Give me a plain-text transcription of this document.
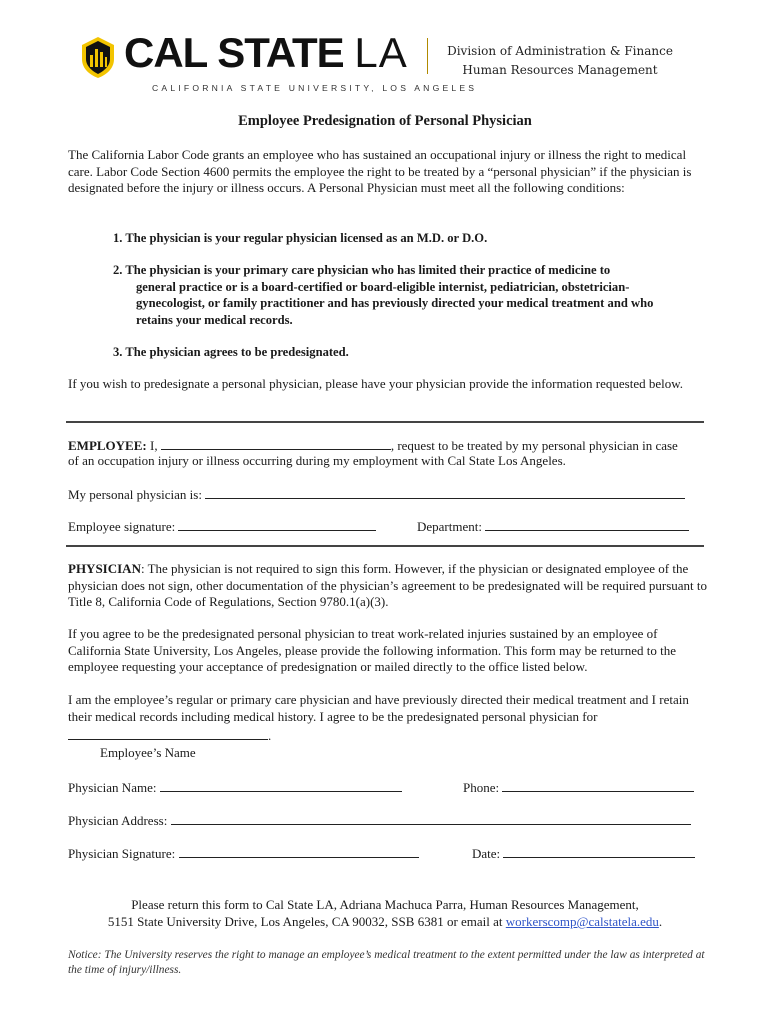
CAL STATE LA
CALIFORNIA STATE UNIVERSITY, LOS ANGELES
Division of Administration & Finance
Human Resources Management
Employee Predesignation of Personal Physician
The California Labor Code grants an employee who has sustained an occupational injury or illness the right to medical care. Labor Code Section 4600 permits the employee the right to be treated by a “personal physician” if the physician is designated before the injury or illness occurs. A Personal Physician must meet all the following conditions:
1. The physician is your regular physician licensed as an M.D. or D.O.
2. The physician is your primary care physician who has limited their practice of medicine to
general practice or is a board-certified or board-eligible internist, pediatrician, obstetrician-gynecologist, or family practitioner and has previously directed your medical treatment and who retains your medical records.
3. The physician agrees to be predesignated.
If you wish to predesignate a personal physician, please have your physician provide the information requested below.
EMPLOYEE: I,	, request to be treated by my personal physician in case
of an occupation injury or illness occurring during my employment with Cal State Los Angeles.
My personal physician is:
Employee signature:	Department:
PHYSICIAN: The physician is not required to sign this form. However, if the physician or designated employee of the physician does not sign, other documentation of the physician’s agreement to be predesignated will be required pursuant to Title 8, California Code of Regulations, Section 9780.1(a)(3).
If you agree to be the predesignated personal physician to treat work-related injuries sustained by an employee of California State University, Los Angeles, please provide the following information. This form may be returned to the employee requesting your acceptance of predesignation or mailed directly to the office listed below.
I am the employee’s regular or primary care physician and have previously directed their medical treatment and I retain their medical records including medical history. I agree to be the predesignated personal physician for
.
Employee’s Name
Physician Name:	Phone:
Physician Address:
Physician Signature:	Date:
Please return this form to Cal State LA, Adriana Machuca Parra, Human Resources Management,
5151 State University Drive, Los Angeles, CA 90032, SSB 6381 or email at workerscomp@calstatela.edu.
Notice: The University reserves the right to manage an employee’s medical treatment to the extent permitted under the law as interpreted at the time of injury/illness.
